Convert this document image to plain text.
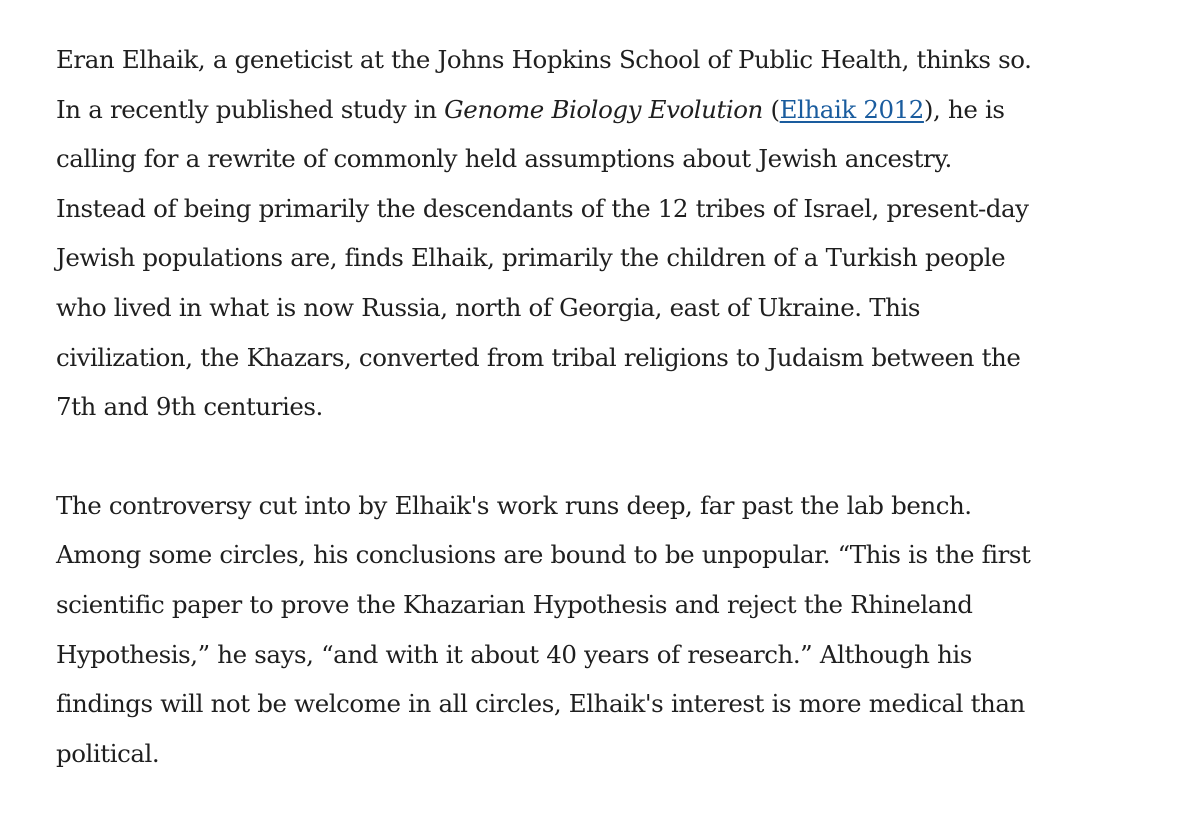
Eran Elhaik, a geneticist at the Johns Hopkins School of Public Health, thinks so.
In a recently published study in Genome Biology Evolution (Elhaik 2012), he is
calling for a rewrite of commonly held assumptions about Jewish ancestry.
Instead of being primarily the descendants of the 12 tribes of Israel, present-day
Jewish populations are, finds Elhaik, primarily the children of a Turkish people
who lived in what is now Russia, north of Georgia, east of Ukraine. This
civilization, the Khazars, converted from tribal religions to Judaism between the
7th and 9th centuries.

The controversy cut into by Elhaik's work runs deep, far past the lab bench.
Among some circles, his conclusions are bound to be unpopular. “This is the first
scientific paper to prove the Khazarian Hypothesis and reject the Rhineland
Hypothesis,” he says, “and with it about 40 years of research.” Although his
findings will not be welcome in all circles, Elhaik's interest is more medical than
political.
